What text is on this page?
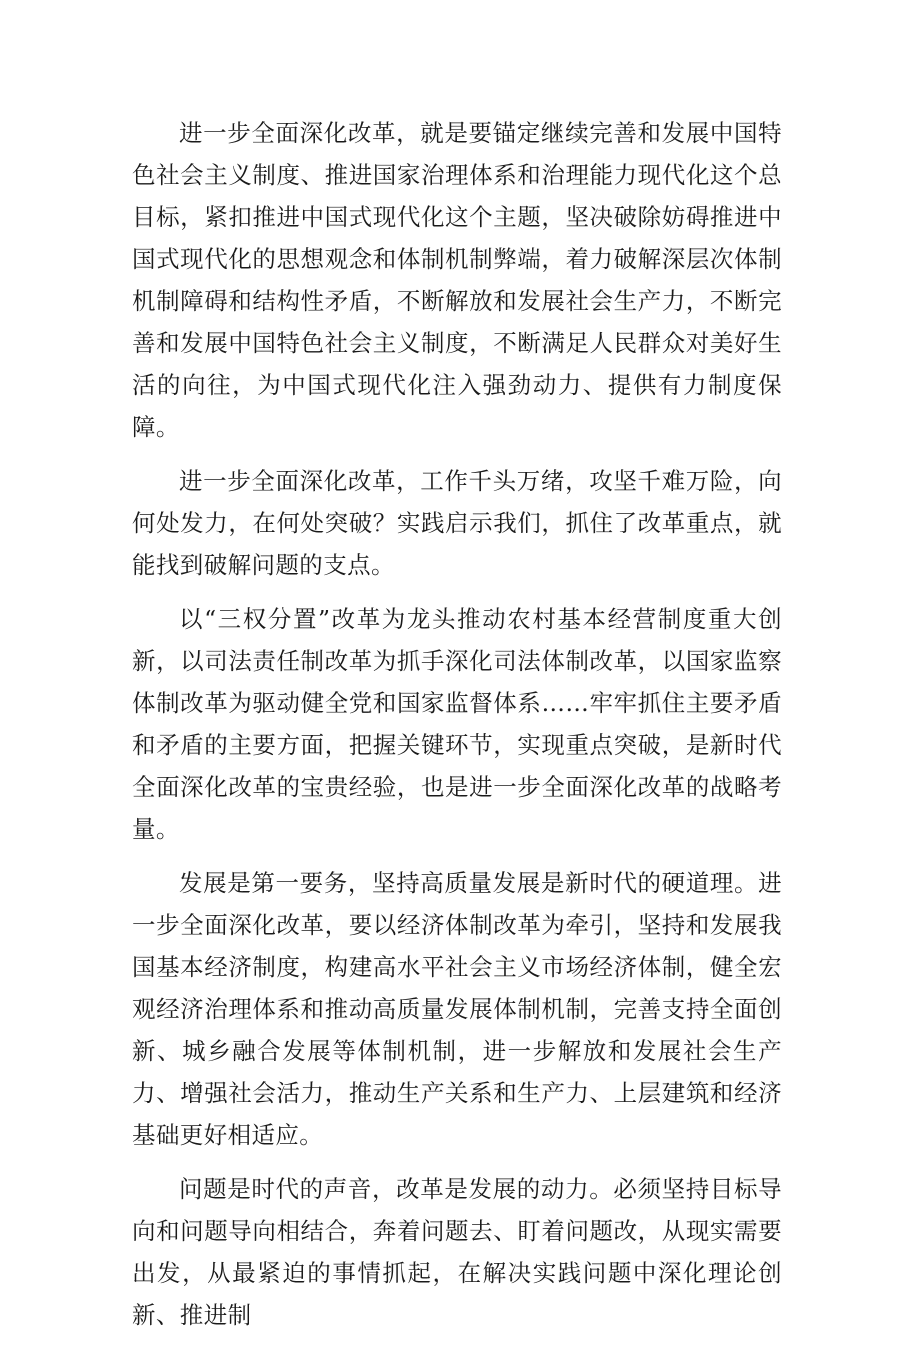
进一步全面深化改革，就是要锚定继续完善和发展中国特色社会主义制度、推进国家治理体系和治理能力现代化这个总目标，紧扣推进中国式现代化这个主题，坚决破除妨碍推进中国式现代化的思想观念和体制机制弊端，着力破解深层次体制机制障碍和结构性矛盾，不断解放和发展社会生产力，不断完善和发展中国特色社会主义制度，不断满足人民群众对美好生活的向往，为中国式现代化注入强劲动力、提供有力制度保障。

进一步全面深化改革，工作千头万绪，攻坚千难万险，向何处发力，在何处突破？实践启示我们，抓住了改革重点，就能找到破解问题的支点。

以“三权分置”改革为龙头推动农村基本经营制度重大创新，以司法责任制改革为抓手深化司法体制改革，以国家监察体制改革为驱动健全党和国家监督体系……牢牢抓住主要矛盾和矛盾的主要方面，把握关键环节，实现重点突破，是新时代全面深化改革的宝贵经验，也是进一步全面深化改革的战略考量。

发展是第一要务，坚持高质量发展是新时代的硬道理。进一步全面深化改革，要以经济体制改革为牵引，坚持和发展我国基本经济制度，构建高水平社会主义市场经济体制，健全宏观经济治理体系和推动高质量发展体制机制，完善支持全面创新、城乡融合发展等体制机制，进一步解放和发展社会生产力、增强社会活力，推动生产关系和生产力、上层建筑和经济基础更好相适应。

问题是时代的声音，改革是发展的动力。必须坚持目标导向和问题导向相结合，奔着问题去、盯着问题改，从现实需要出发，从最紧迫的事情抓起，在解决实践问题中深化理论创新、推进制
